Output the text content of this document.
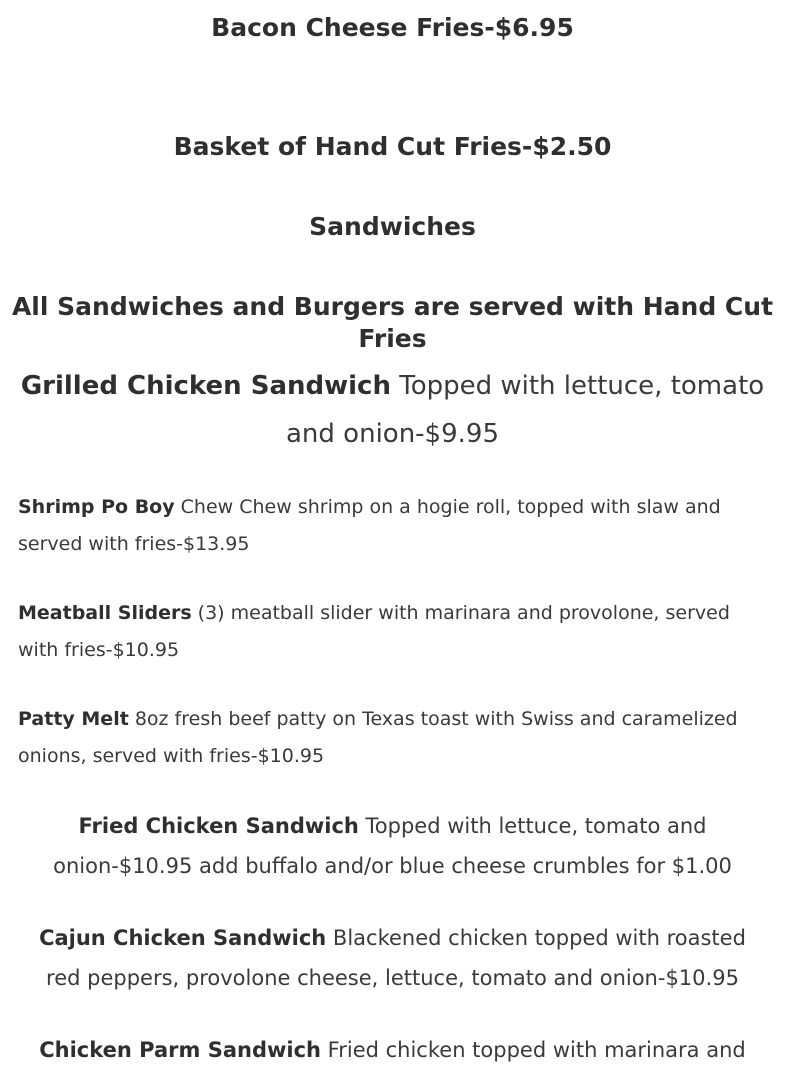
Bacon Cheese Fries-$6.95
Basket of Hand Cut Fries-$2.50
Sandwiches
All Sandwiches and Burgers are served with Hand Cut Fries

Grilled Chicken Sandwich Topped with lettuce, tomato and onion-$9.95

Shrimp Po Boy Chew Chew shrimp on a hogie roll, topped with slaw and served with fries-$13.95

Meatball Sliders (3) meatball slider with marinara and provolone, served with fries-$10.95

Patty Melt 8oz fresh beef patty on Texas toast with Swiss and caramelized onions, served with fries-$10.95

Fried Chicken Sandwich Topped with lettuce, tomato and onion-$10.95 add buffalo and/or blue cheese crumbles for $1.00

Cajun Chicken Sandwich Blackened chicken topped with roasted red peppers, provolone cheese, lettuce, tomato and onion-$10.95

Chicken Parm Sandwich Fried chicken topped with marinara and
